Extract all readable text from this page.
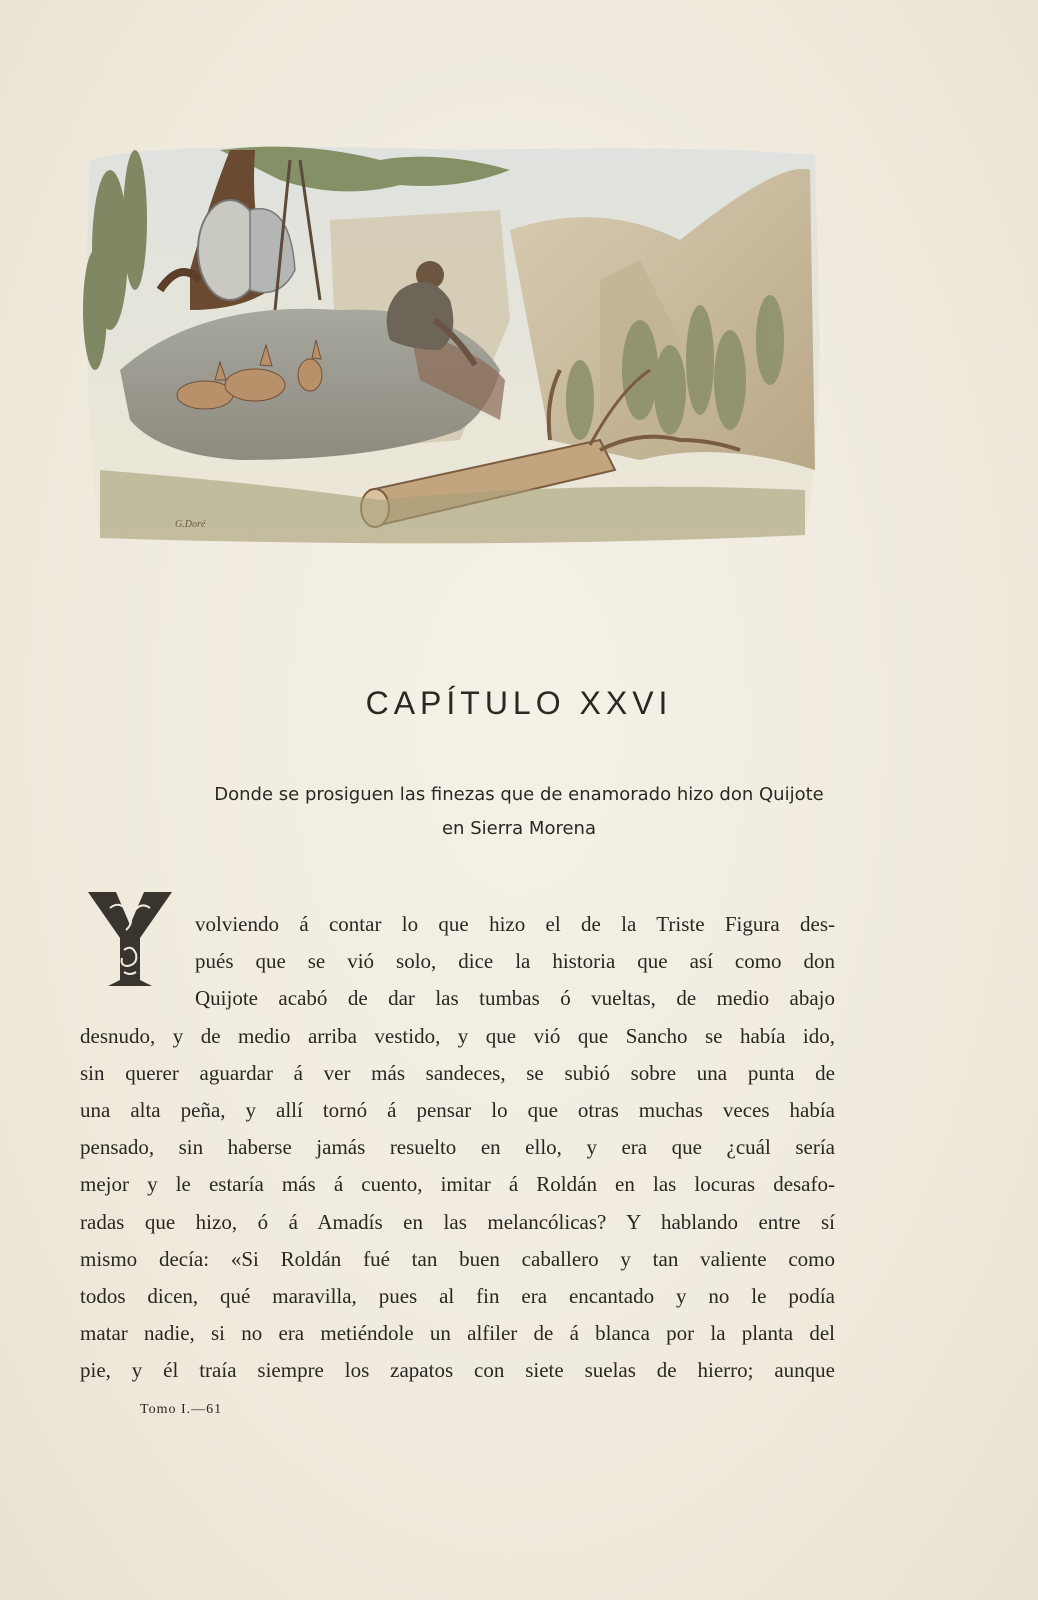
G.Doré
CAPÍTULO XXVI
Donde se prosiguen las finezas que de enamorado hizo don Quijote
en Sierra Morena
volviendo á contar lo que hizo el de la Triste Figura des-
pués que se vió solo, dice la historia que así como don
Quijote acabó de dar las tumbas ó vueltas, de medio abajo
desnudo, y de medio arriba vestido, y que vió que Sancho se había ido,
sin querer aguardar á ver más sandeces, se subió sobre una punta de
una alta peña, y allí tornó á pensar lo que otras muchas veces había
pensado, sin haberse jamás resuelto en ello, y era que ¿cuál sería
mejor y le estaría más á cuento, imitar á Roldán en las locuras desafo-
radas que hizo, ó á Amadís en las melancólicas? Y hablando entre sí
mismo decía: «Si Roldán fué tan buen caballero y tan valiente como
todos dicen, qué maravilla, pues al fin era encantado y no le podía
matar nadie, si no era metiéndole un alfiler de á blanca por la planta del
pie, y él traía siempre los zapatos con siete suelas de hierro; aunque
Tomo I.—61
